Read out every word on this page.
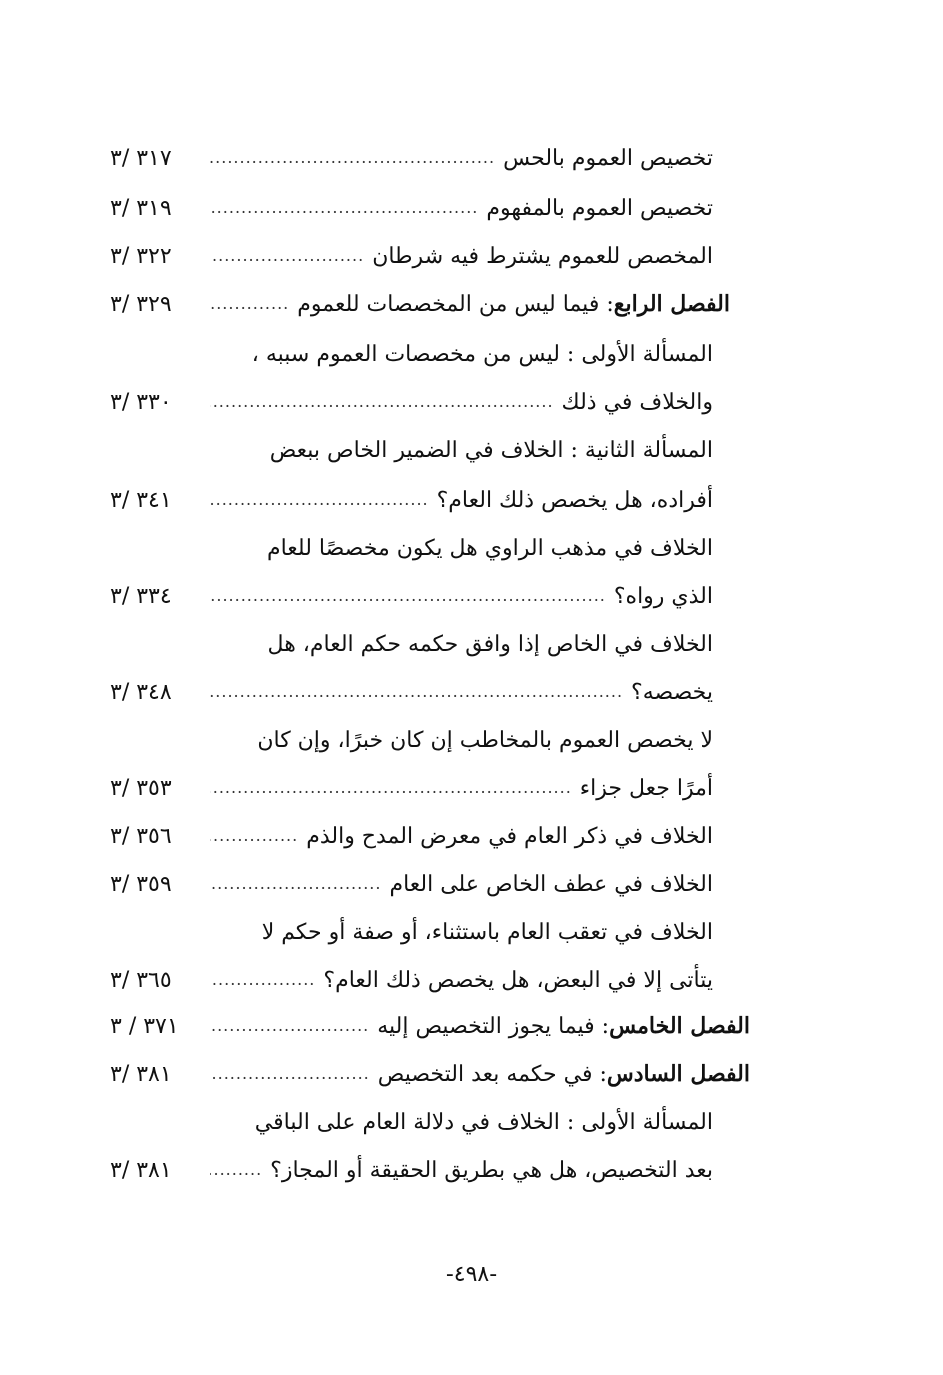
تخصيص العموم بالحس
.....
٣١٧ /٣
تخصيص العموم بالمفهوم
.....
٣١٩ /٣
المخصص للعموم يشترط فيه شرطان
.....
٣٢٢ /٣
الفصل الرابع
: فيما ليس من المخصصات للعموم
.....
٣٢٩ /٣
المسألة الأولى : ليس من مخصصات العموم سببه ،
والخلاف في ذلك
.....
٣٣٠ /٣
المسألة الثانية : الخلاف في الضمير الخاص ببعض
أفراده، هل يخصص ذلك العام؟
.....
٣٤١ /٣
الخلاف في مذهب الراوي هل يكون مخصصًا للعام
الذي رواه؟
.....
٣٣٤ /٣
الخلاف في الخاص إذا وافق حكمه حكم العام، هل
يخصصه؟
.....
٣٤٨ /٣
لا يخصص العموم بالمخاطب إن كان خبرًا، وإن كان
أمرًا جعل جزاء
.....
٣٥٣ /٣
الخلاف في ذكر العام في معرض المدح والذم
.....
٣٥٦ /٣
الخلاف في عطف الخاص على العام
.....
٣٥٩ /٣
الخلاف في تعقب العام باستثناء، أو صفة أو حكم لا
يتأتى إلا في البعض، هل يخصص ذلك العام؟
.....
٣٦٥ /٣
الفصل الخامس
: فيما يجوز التخصيص إليه
.....
٣٧١ / ٣
الفصل السادس
: في حكمه بعد التخصيص
.....
٣٨١ /٣
المسألة الأولى : الخلاف في دلالة العام على الباقي
بعد التخصيص، هل هي بطريق الحقيقة أو المجاز؟
.....
٣٨١ /٣
-٤٩٨-
